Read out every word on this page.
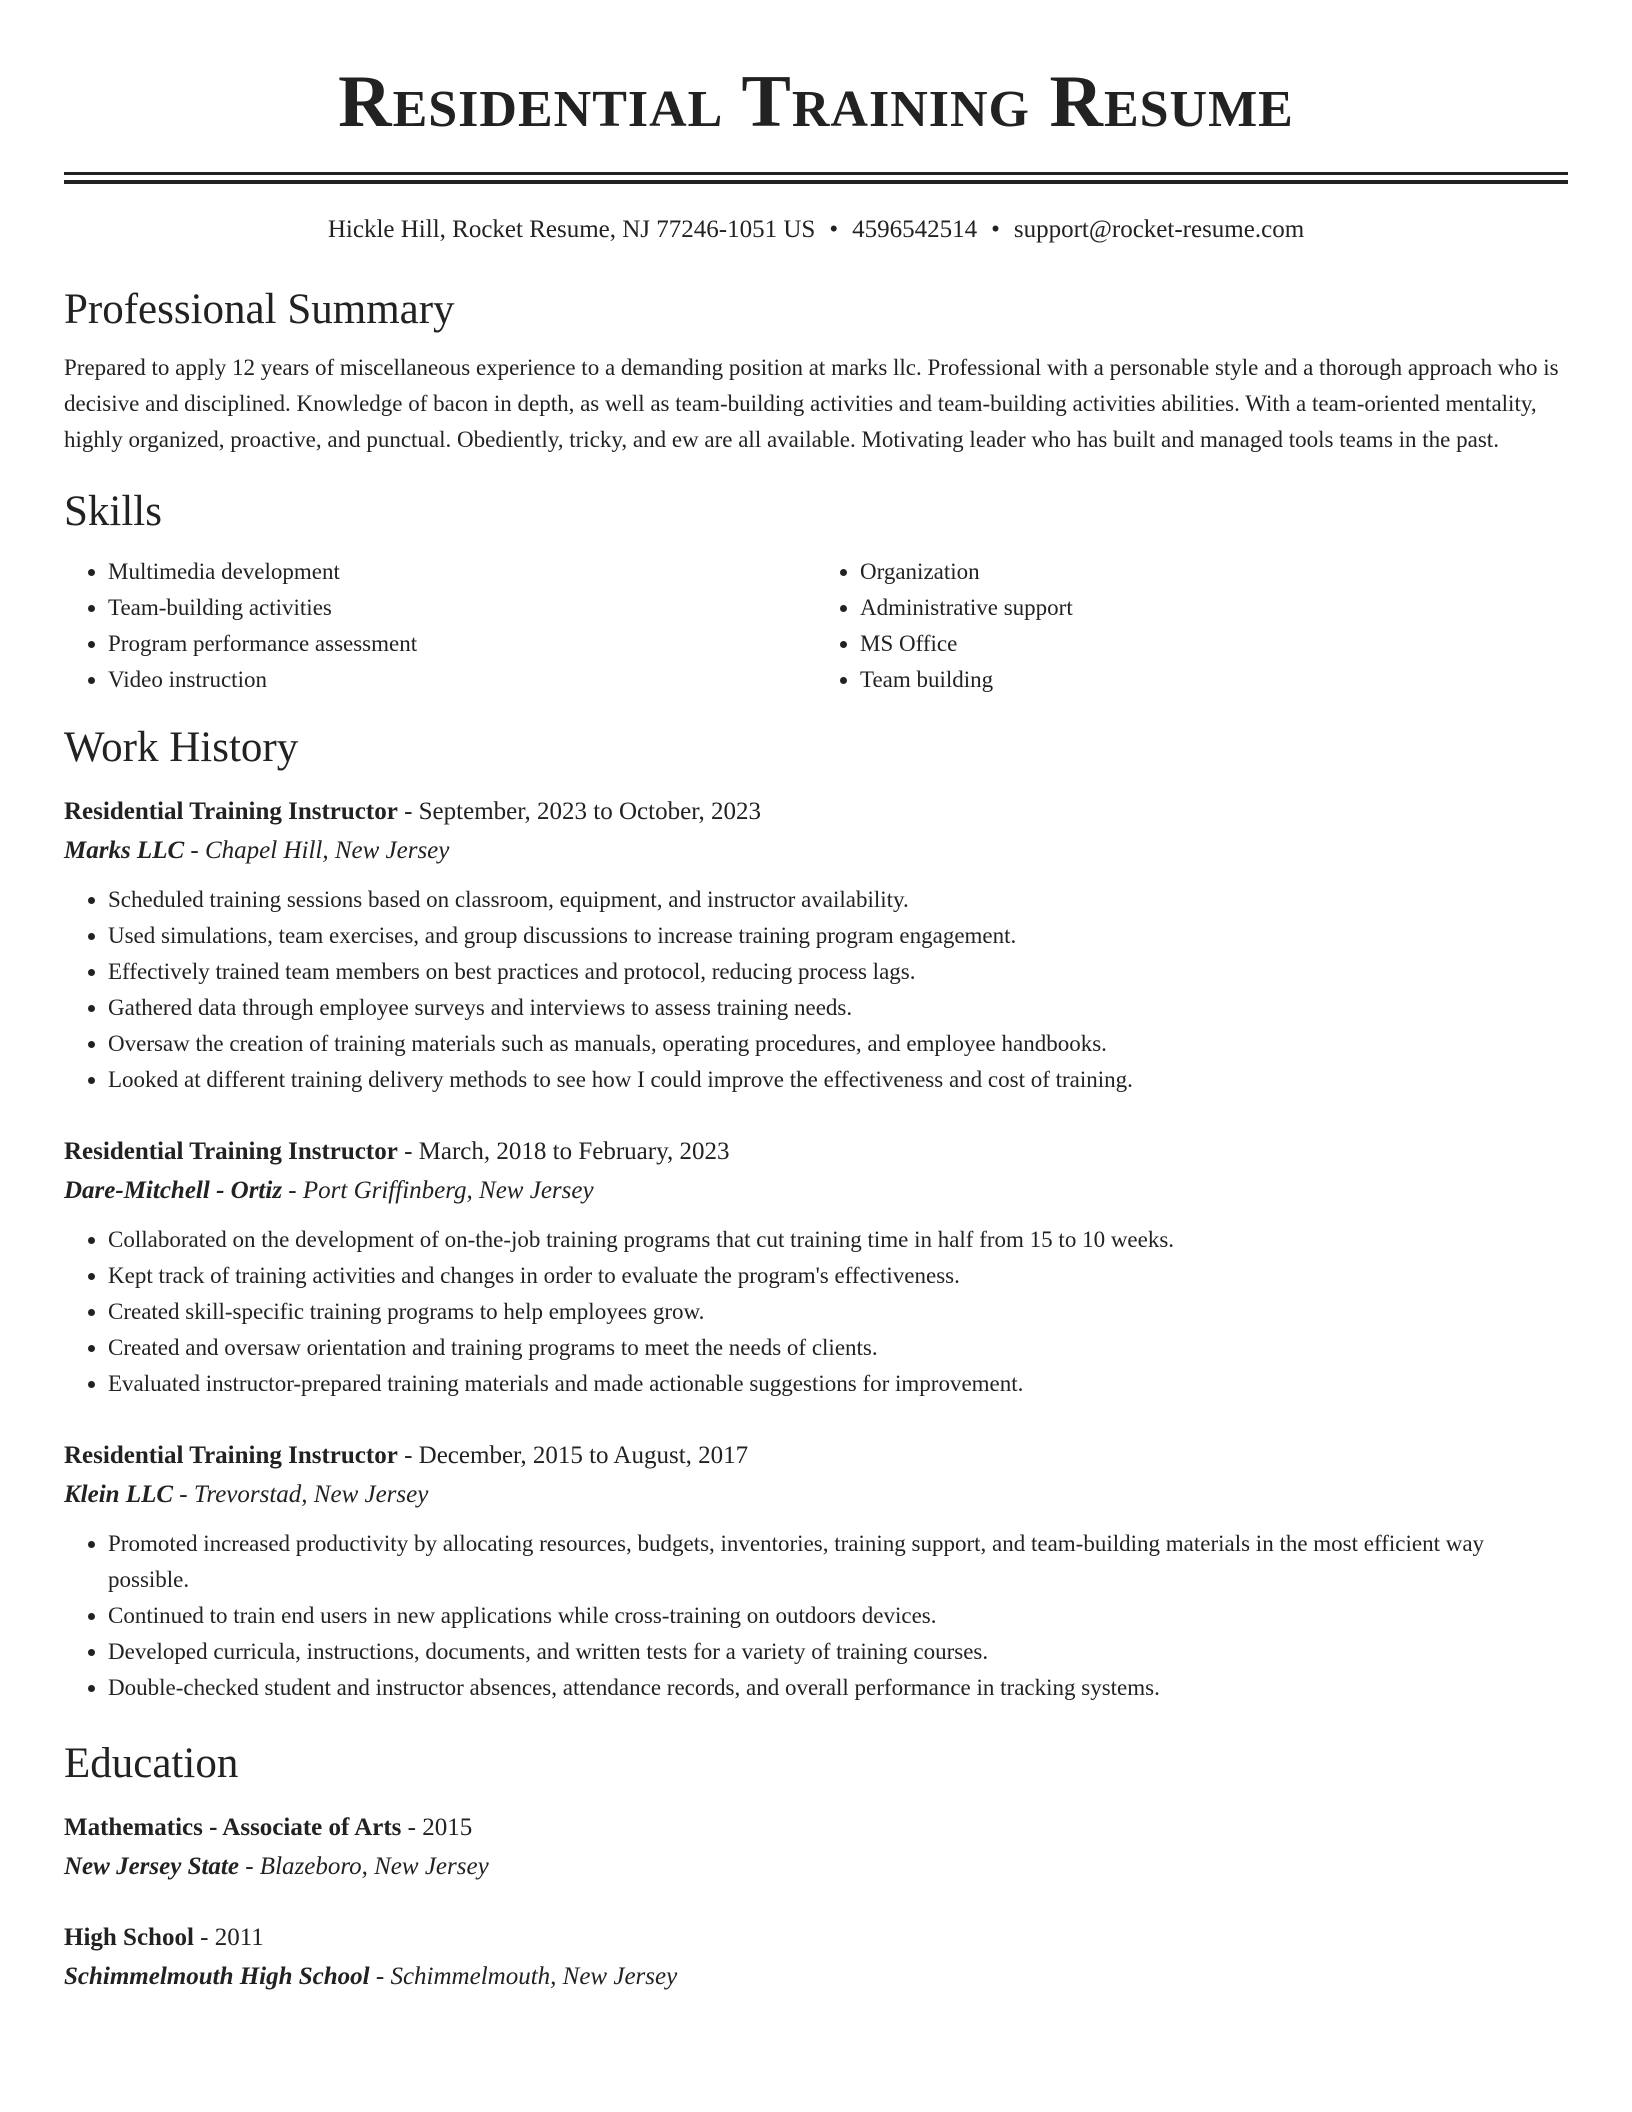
Residential Training Resume
Hickle Hill, Rocket Resume, NJ 77246-1051 US • 4596542514 • support@rocket-resume.com
Professional Summary
Prepared to apply 12 years of miscellaneous experience to a demanding position at marks llc. Professional with a personable style and a thorough approach who is decisive and disciplined. Knowledge of bacon in depth, as well as team-building activities and team-building activities abilities. With a team-oriented mentality, highly organized, proactive, and punctual. Obediently, tricky, and ew are all available. Motivating leader who has built and managed tools teams in the past.
Skills
• Multimedia development
• Team-building activities
• Program performance assessment
• Video instruction
• Organization
• Administrative support
• MS Office
• Team building
Work History
Residential Training Instructor - September, 2023 to October, 2023
Marks LLC - Chapel Hill, New Jersey
• Scheduled training sessions based on classroom, equipment, and instructor availability.
• Used simulations, team exercises, and group discussions to increase training program engagement.
• Effectively trained team members on best practices and protocol, reducing process lags.
• Gathered data through employee surveys and interviews to assess training needs.
• Oversaw the creation of training materials such as manuals, operating procedures, and employee handbooks.
• Looked at different training delivery methods to see how I could improve the effectiveness and cost of training.
Residential Training Instructor - March, 2018 to February, 2023
Dare-Mitchell - Ortiz - Port Griffinberg, New Jersey
• Collaborated on the development of on-the-job training programs that cut training time in half from 15 to 10 weeks.
• Kept track of training activities and changes in order to evaluate the program's effectiveness.
• Created skill-specific training programs to help employees grow.
• Created and oversaw orientation and training programs to meet the needs of clients.
• Evaluated instructor-prepared training materials and made actionable suggestions for improvement.
Residential Training Instructor - December, 2015 to August, 2017
Klein LLC - Trevorstad, New Jersey
• Promoted increased productivity by allocating resources, budgets, inventories, training support, and team-building materials in the most efficient way possible.
• Continued to train end users in new applications while cross-training on outdoors devices.
• Developed curricula, instructions, documents, and written tests for a variety of training courses.
• Double-checked student and instructor absences, attendance records, and overall performance in tracking systems.
Education
Mathematics - Associate of Arts - 2015
New Jersey State - Blazeboro, New Jersey
High School - 2011
Schimmelmouth High School - Schimmelmouth, New Jersey
